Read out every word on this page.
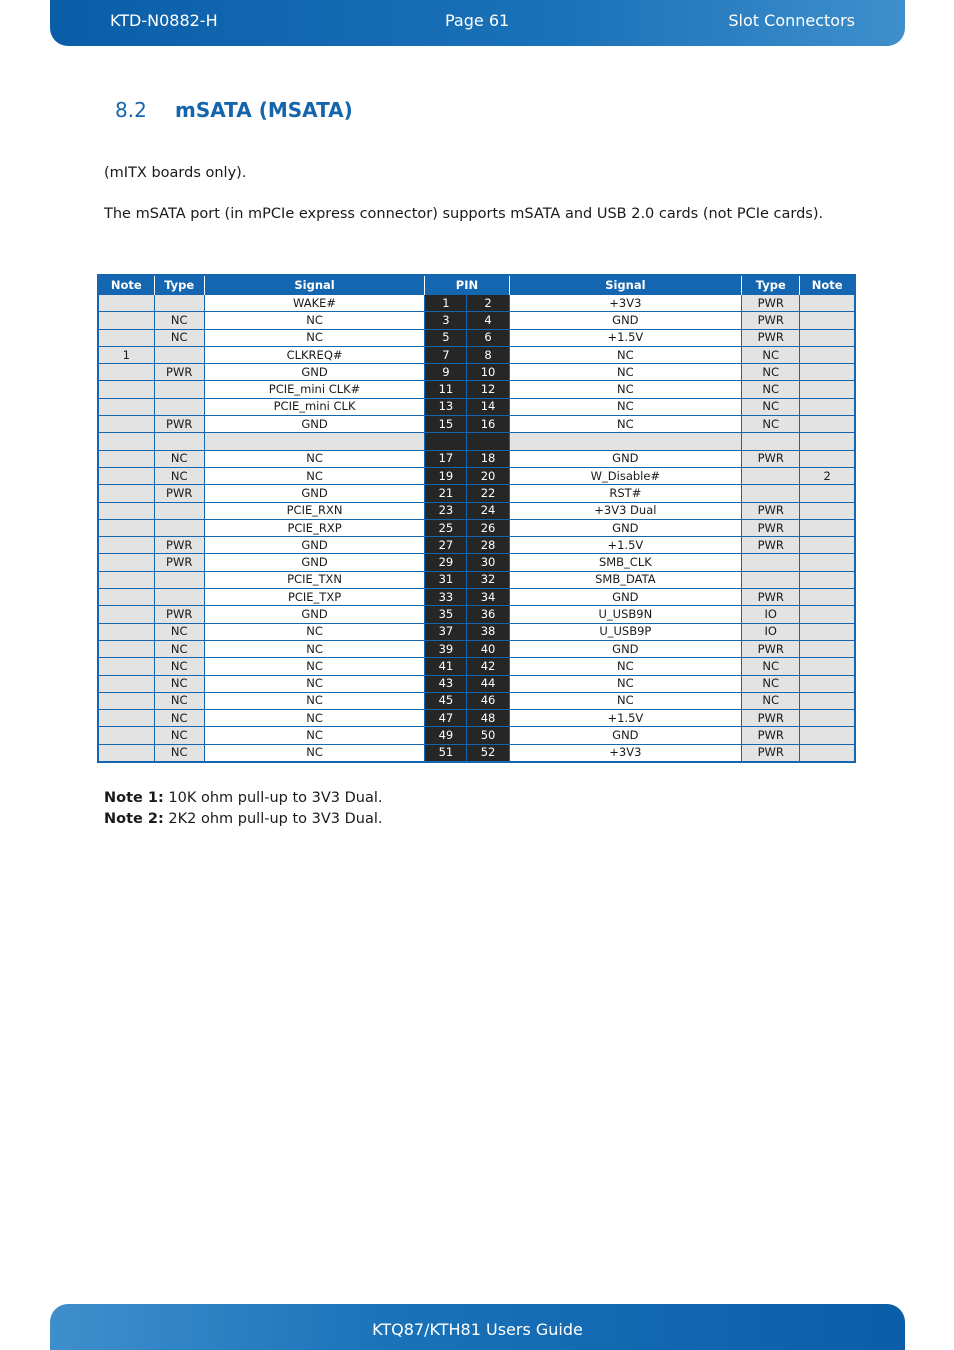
KTD-N0882-H	Page 61	Slot Connectors
8.2 mSATA (MSATA)
(mITX boards only).
The mSATA port (in mPCIe express connector) supports mSATA and USB 2.0 cards (not PCIe cards).
Note	Type	Signal	PIN		Signal	Type	Note
		WAKE#	1	2	+3V3	PWR	
	NC	NC	3	4	GND	PWR	
	NC	NC	5	6	+1.5V	PWR	
1		CLKREQ#	7	8	NC	NC	
	PWR	GND	9	10	NC	NC	
		PCIE_mini CLK#	11	12	NC	NC	
		PCIE_mini CLK	13	14	NC	NC	
	PWR	GND	15	16	NC	NC	

	NC	NC	17	18	GND	PWR	
	NC	NC	19	20	W_Disable#		2
	PWR	GND	21	22	RST#		
		PCIE_RXN	23	24	+3V3 Dual	PWR	
		PCIE_RXP	25	26	GND	PWR	
	PWR	GND	27	28	+1.5V	PWR	
	PWR	GND	29	30	SMB_CLK		
		PCIE_TXN	31	32	SMB_DATA		
		PCIE_TXP	33	34	GND	PWR	
	PWR	GND	35	36	U_USB9N	IO	
	NC	NC	37	38	U_USB9P	IO	
	NC	NC	39	40	GND	PWR	
	NC	NC	41	42	NC	NC	
	NC	NC	43	44	NC	NC	
	NC	NC	45	46	NC	NC	
	NC	NC	47	48	+1.5V	PWR	
	NC	NC	49	50	GND	PWR	
	NC	NC	51	52	+3V3	PWR	
Note 1: 10K ohm pull-up to 3V3 Dual.
Note 2: 2K2 ohm pull-up to 3V3 Dual.
KTQ87/KTH81 Users Guide
